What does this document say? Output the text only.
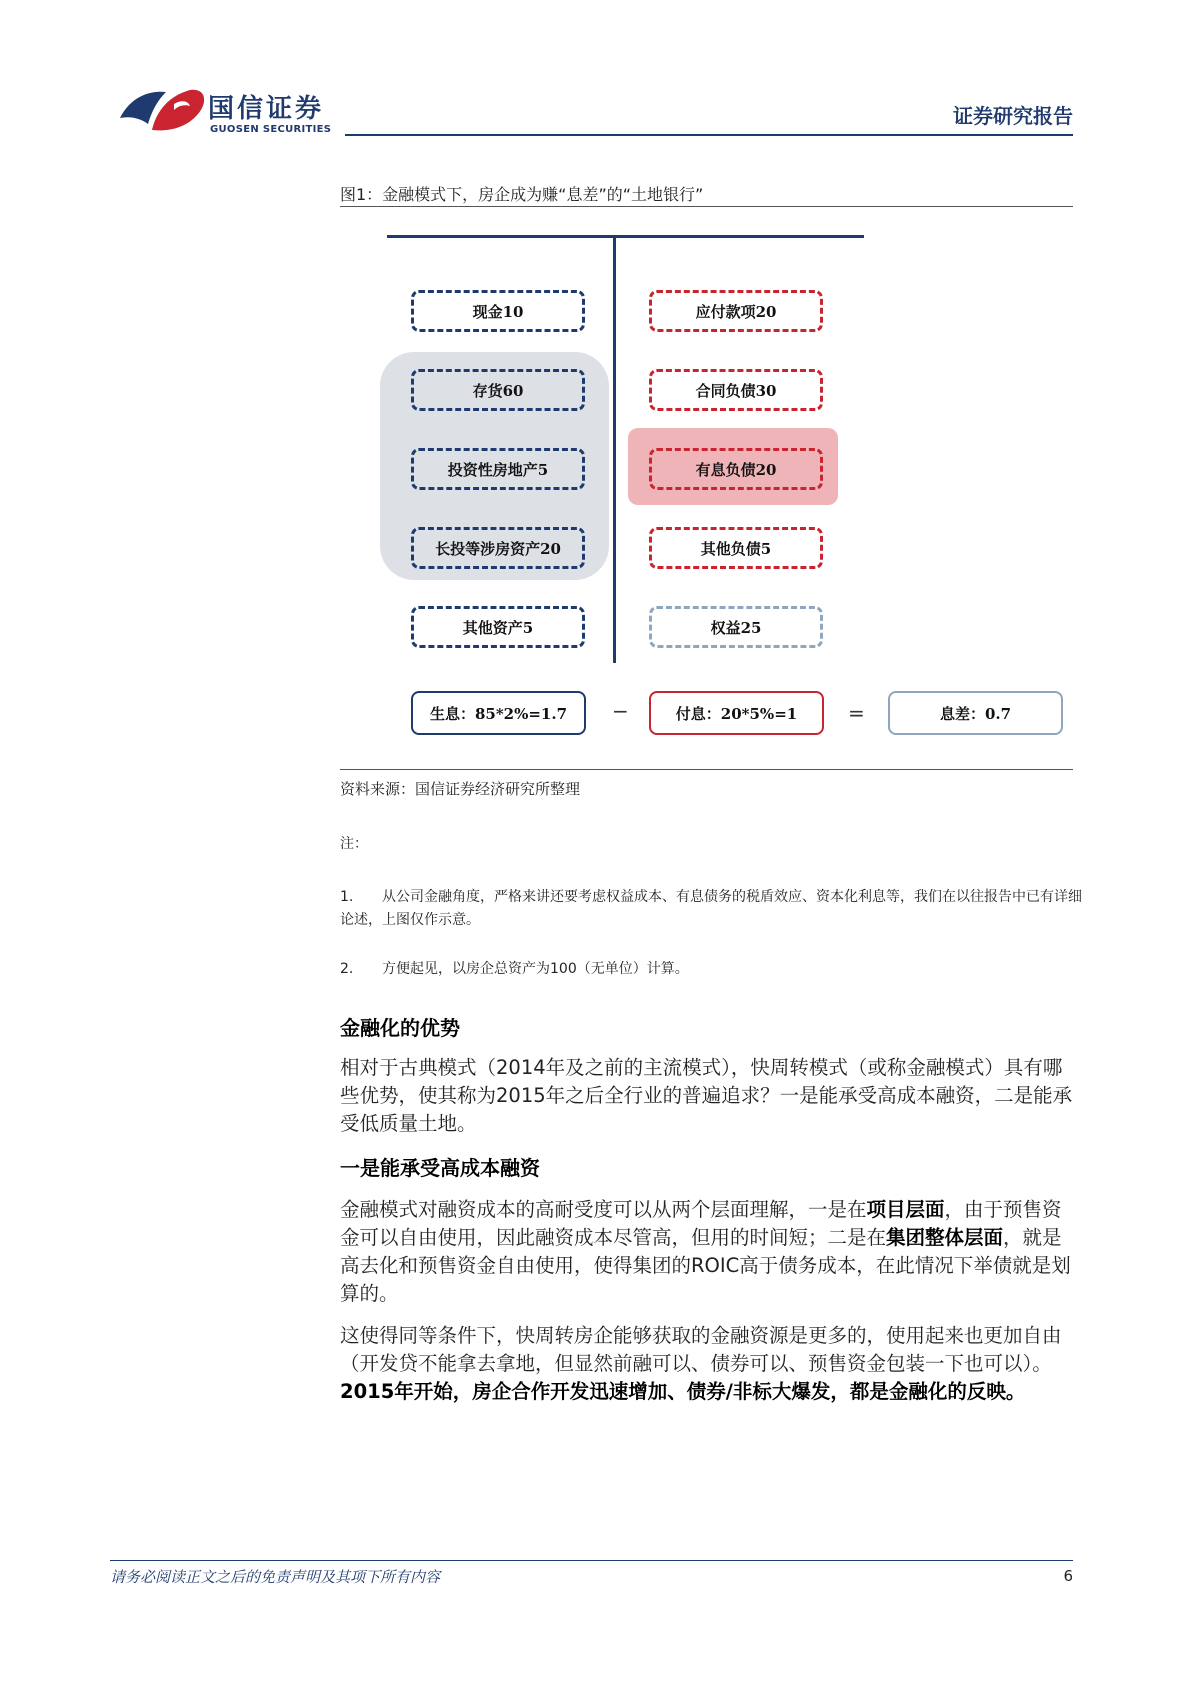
国信证券
GUOSEN SECURITIES
证券研究报告
图1：金融模式下，房企成为赚“息差”的“土地银行”
现金10
存货60
投资性房地产5
长投等涉房资产20
其他资产5
应付款项20
合同负债30
有息负债20
其他负债5
权益25
生息：85*2%=1.7	−	付息：20*5%=1	=	息差：0.7
资料来源：国信证券经济研究所整理
注：
1. 从公司金融角度，严格来讲还要考虑权益成本、有息债务的税盾效应、资本化利息等，我们在以往报告中已有详细论述，上图仅作示意。
2. 方便起见，以房企总资产为100（无单位）计算。
金融化的优势
相对于古典模式（2014年及之前的主流模式），快周转模式（或称金融模式）具有哪些优势，使其称为2015年之后全行业的普遍追求？一是能承受高成本融资，二是能承受低质量土地。
一是能承受高成本融资
金融模式对融资成本的高耐受度可以从两个层面理解，一是在项目层面，由于预售资金可以自由使用，因此融资成本尽管高，但用的时间短；二是在集团整体层面，就是高去化和预售资金自由使用，使得集团的ROIC高于债务成本，在此情况下举债就是划算的。
这使得同等条件下，快周转房企能够获取的金融资源是更多的，使用起来也更加自由（开发贷不能拿去拿地，但显然前融可以、债券可以、预售资金包装一下也可以）。2015年开始，房企合作开发迅速增加、债券/非标大爆发，都是金融化的反映。
请务必阅读正文之后的免责声明及其项下所有内容	6
